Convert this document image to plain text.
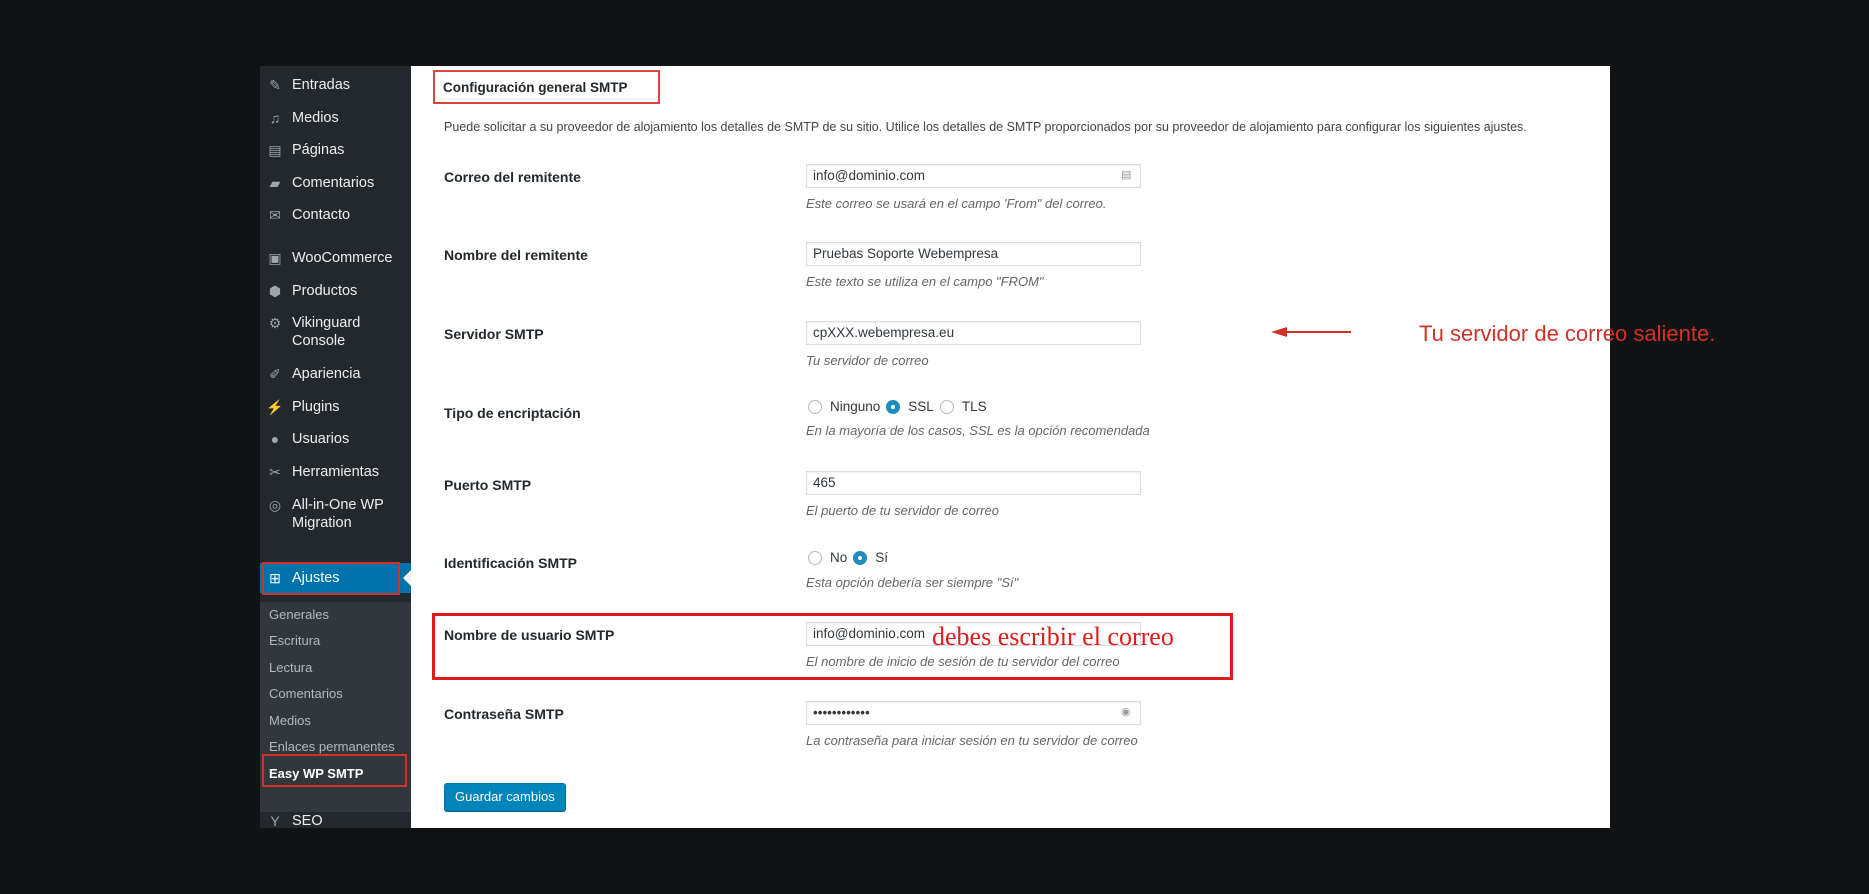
✎ Entradas
♫ Medios
▤ Páginas
▰ Comentarios
✉ Contacto
▣ WooCommerce
⬢ Productos
⚙ Vikinguard Console
✐ Apariencia
⚡ Plugins
● Usuarios
✂ Herramientas
◎ All-in-One WP Migration
⊞ Ajustes
Generales
Escritura
Lectura
Comentarios
Medios
Enlaces permanentes
Easy WP SMTP
Y SEO
Configuración general SMTP
Puede solicitar a su proveedor de alojamiento los detalles de SMTP de su sitio. Utilice los detalles de SMTP proporcionados por su proveedor de alojamiento para configurar los siguientes ajustes.
Correo del remitente	info@dominio.com	▤
Este correo se usará en el campo 'From" del correo.
Nombre del remitente	Pruebas Soporte Webempresa
Este texto se utiliza en el campo "FROM"
Servidor SMTP	cpXXX.webempresa.eu
Tu servidor de correo
Tu servidor de correo saliente.
Tipo de encriptación	Ninguno SSL TLS
En la mayoría de los casos, SSL es la opción recomendada
Puerto SMTP	465
El puerto de tu servidor de correo
Identificación SMTP	No Sí
Esta opción debería ser siempre "Sí"
Nombre de usuario SMTP	info@dominio.com
El nombre de inicio de sesión de tu servidor del correo
debes escribir el correo
Contraseña SMTP	••••••••••••	◉
La contraseña para iniciar sesión en tu servidor de correo
Guardar cambios
